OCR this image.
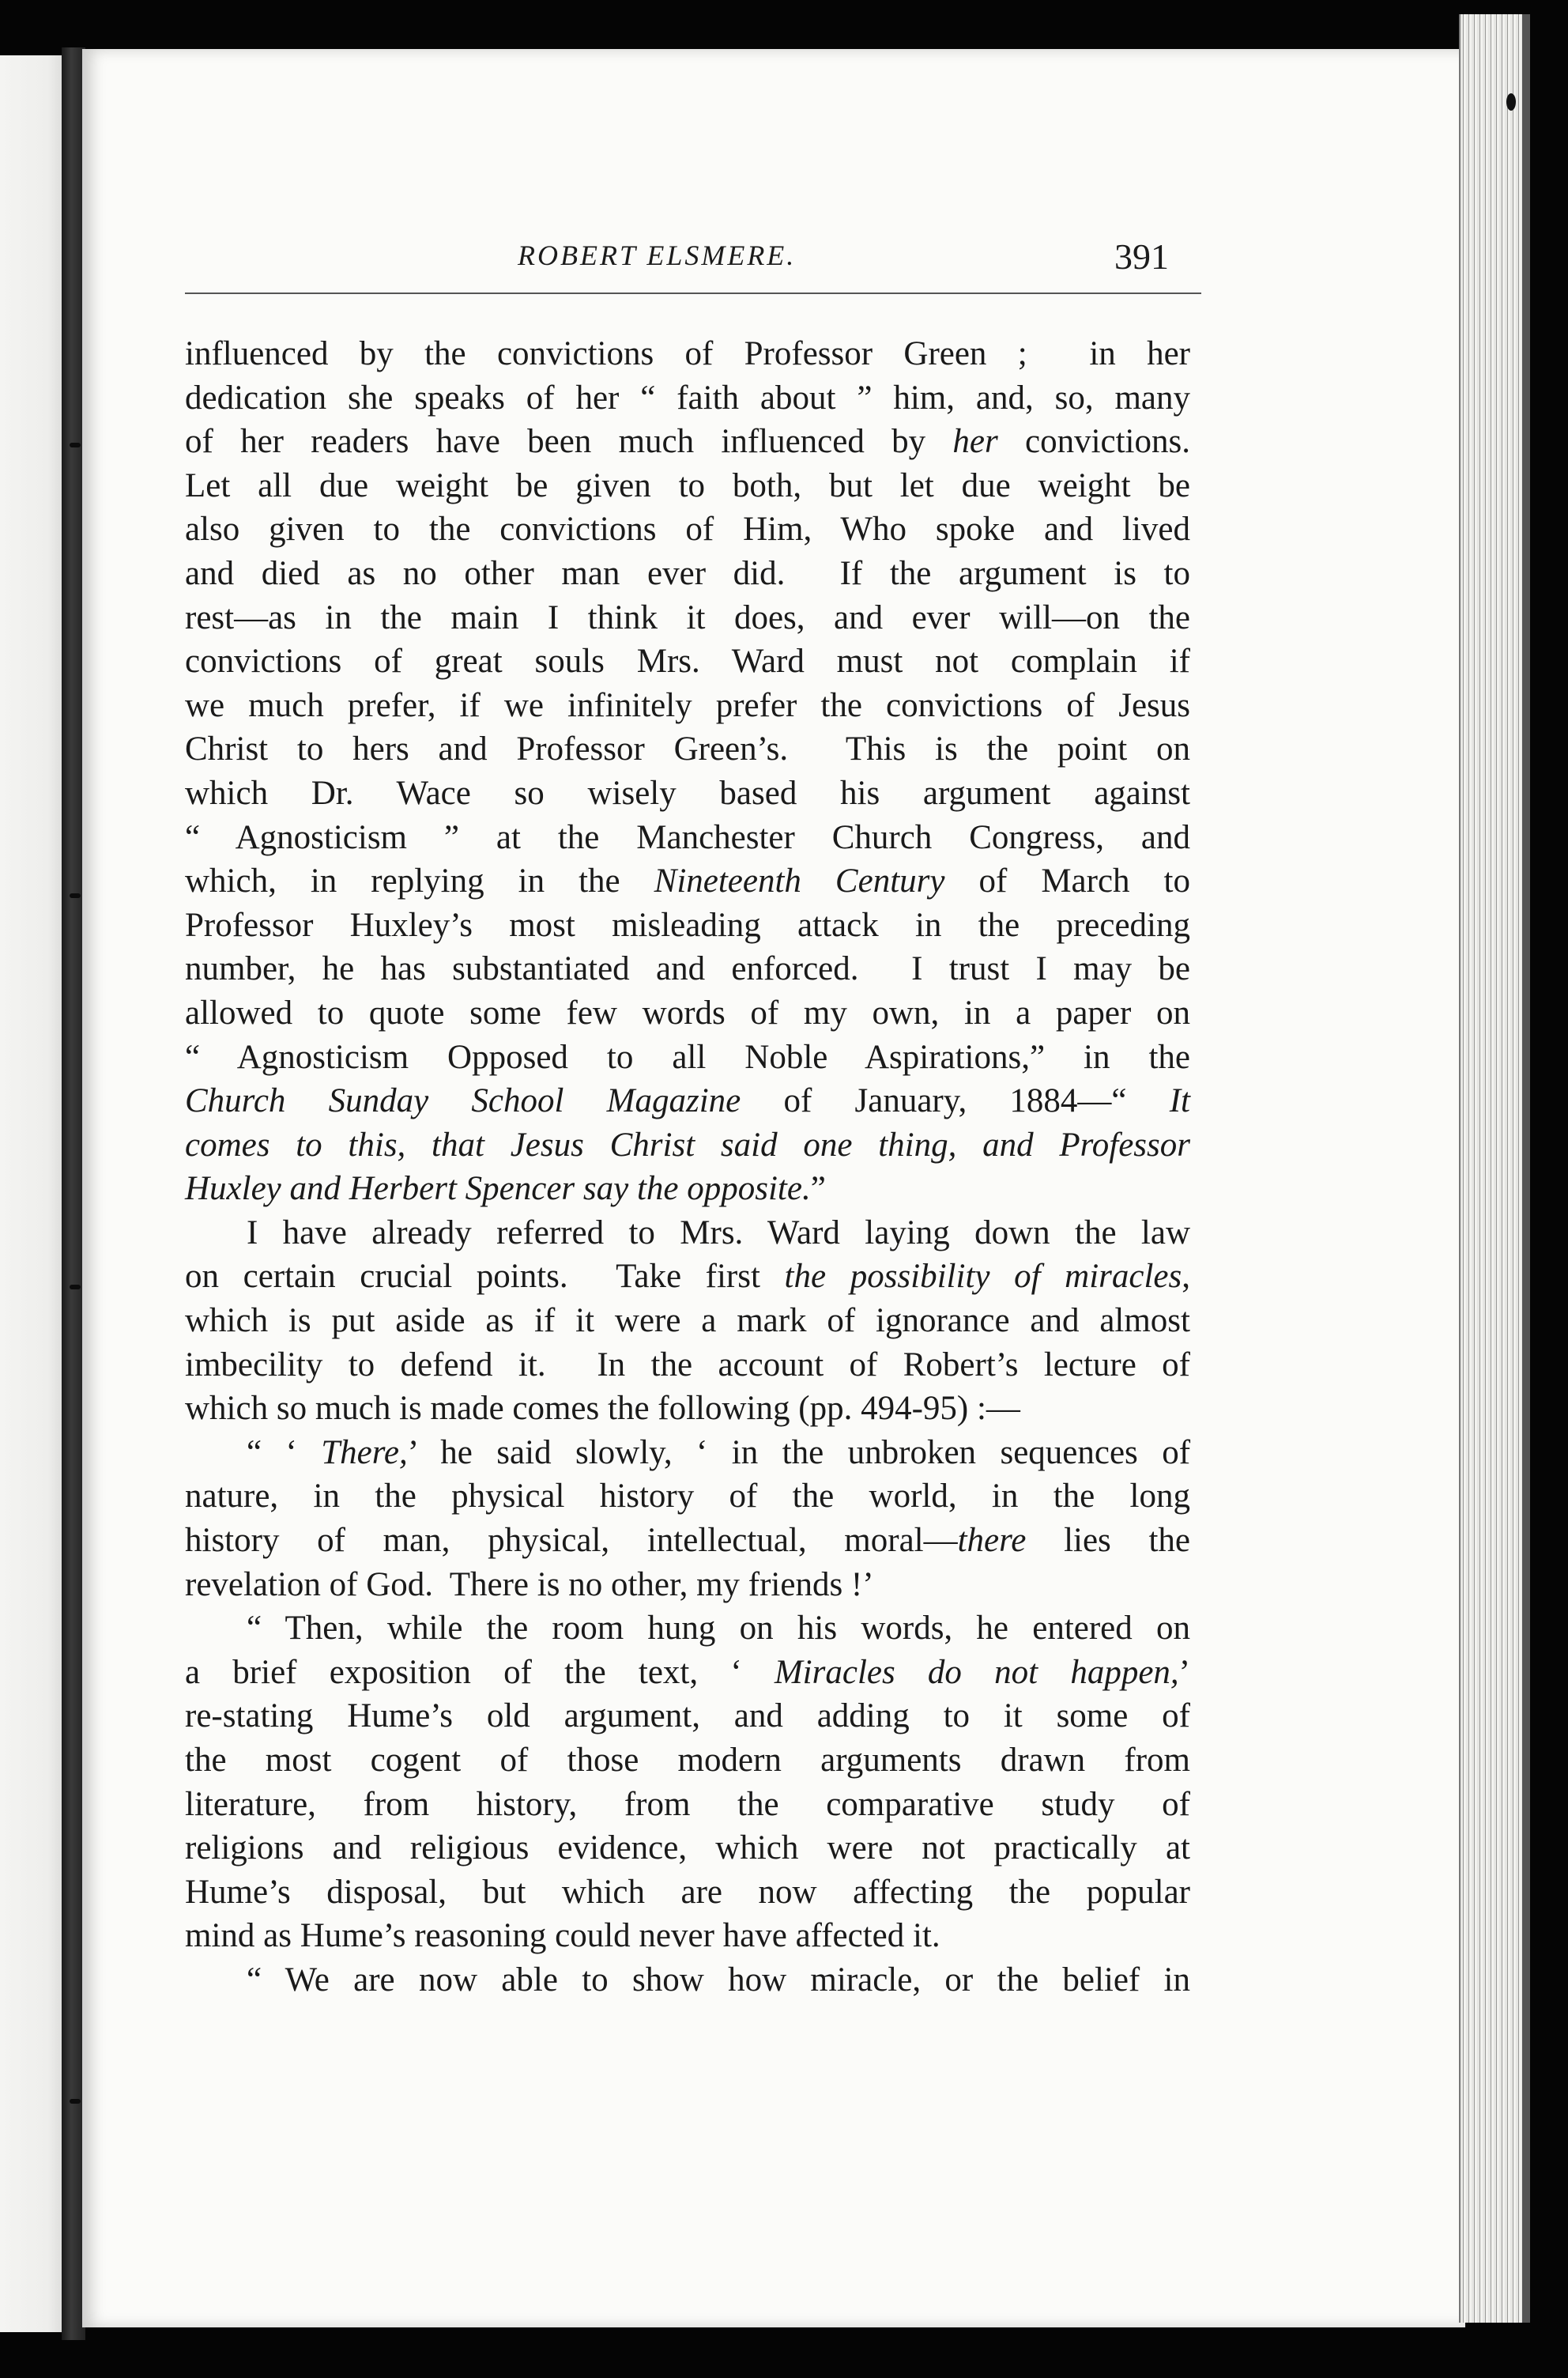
ROBERT ELSMERE.	391
influenced by the convictions of Professor Green ;  in her
dedication she speaks of her “ faith about ” him, and, so, many
of her readers have been much influenced by her convictions.
Let all due weight be given to both, but let due weight be
also given to the convictions of Him, Who spoke and lived
and died as no other man ever did.  If the argument is to
rest—as in the main I think it does, and ever will—on the
convictions of great souls Mrs. Ward must not complain if
we much prefer, if we infinitely prefer the convictions of Jesus
Christ to hers and Professor Green’s.  This is the point on
which Dr. Wace so wisely based his argument against
“ Agnosticism ” at the Manchester Church Congress, and
which, in replying in the Nineteenth Century of March to
Professor Huxley’s most misleading attack in the preceding
number, he has substantiated and enforced.  I trust I may be
allowed to quote some few words of my own, in a paper on
“ Agnosticism Opposed to all Noble Aspirations,” in the
Church Sunday School Magazine of January, 1884—“ It
comes to this, that Jesus Christ said one thing, and Professor
Huxley and Herbert Spencer say the opposite.”
I have already referred to Mrs. Ward laying down the law
on certain crucial points.  Take first the possibility of miracles,
which is put aside as if it were a mark of ignorance and almost
imbecility to defend it.  In the account of Robert’s lecture of
which so much is made comes the following (pp. 494-95) :—
“ ‘ There,’ he said slowly, ‘ in the unbroken sequences of
nature, in the physical history of the world, in the long
history of man, physical, intellectual, moral—there lies the
revelation of God.  There is no other, my friends !’
“ Then, while the room hung on his words, he entered on
a brief exposition of the text, ‘ Miracles do not happen,’
re-stating Hume’s old argument, and adding to it some of
the most cogent of those modern arguments drawn from
literature, from history, from the comparative study of
religions and religious evidence, which were not practically at
Hume’s disposal, but which are now affecting the popular
mind as Hume’s reasoning could never have affected it.
“ We are now able to show how miracle, or the belief in
